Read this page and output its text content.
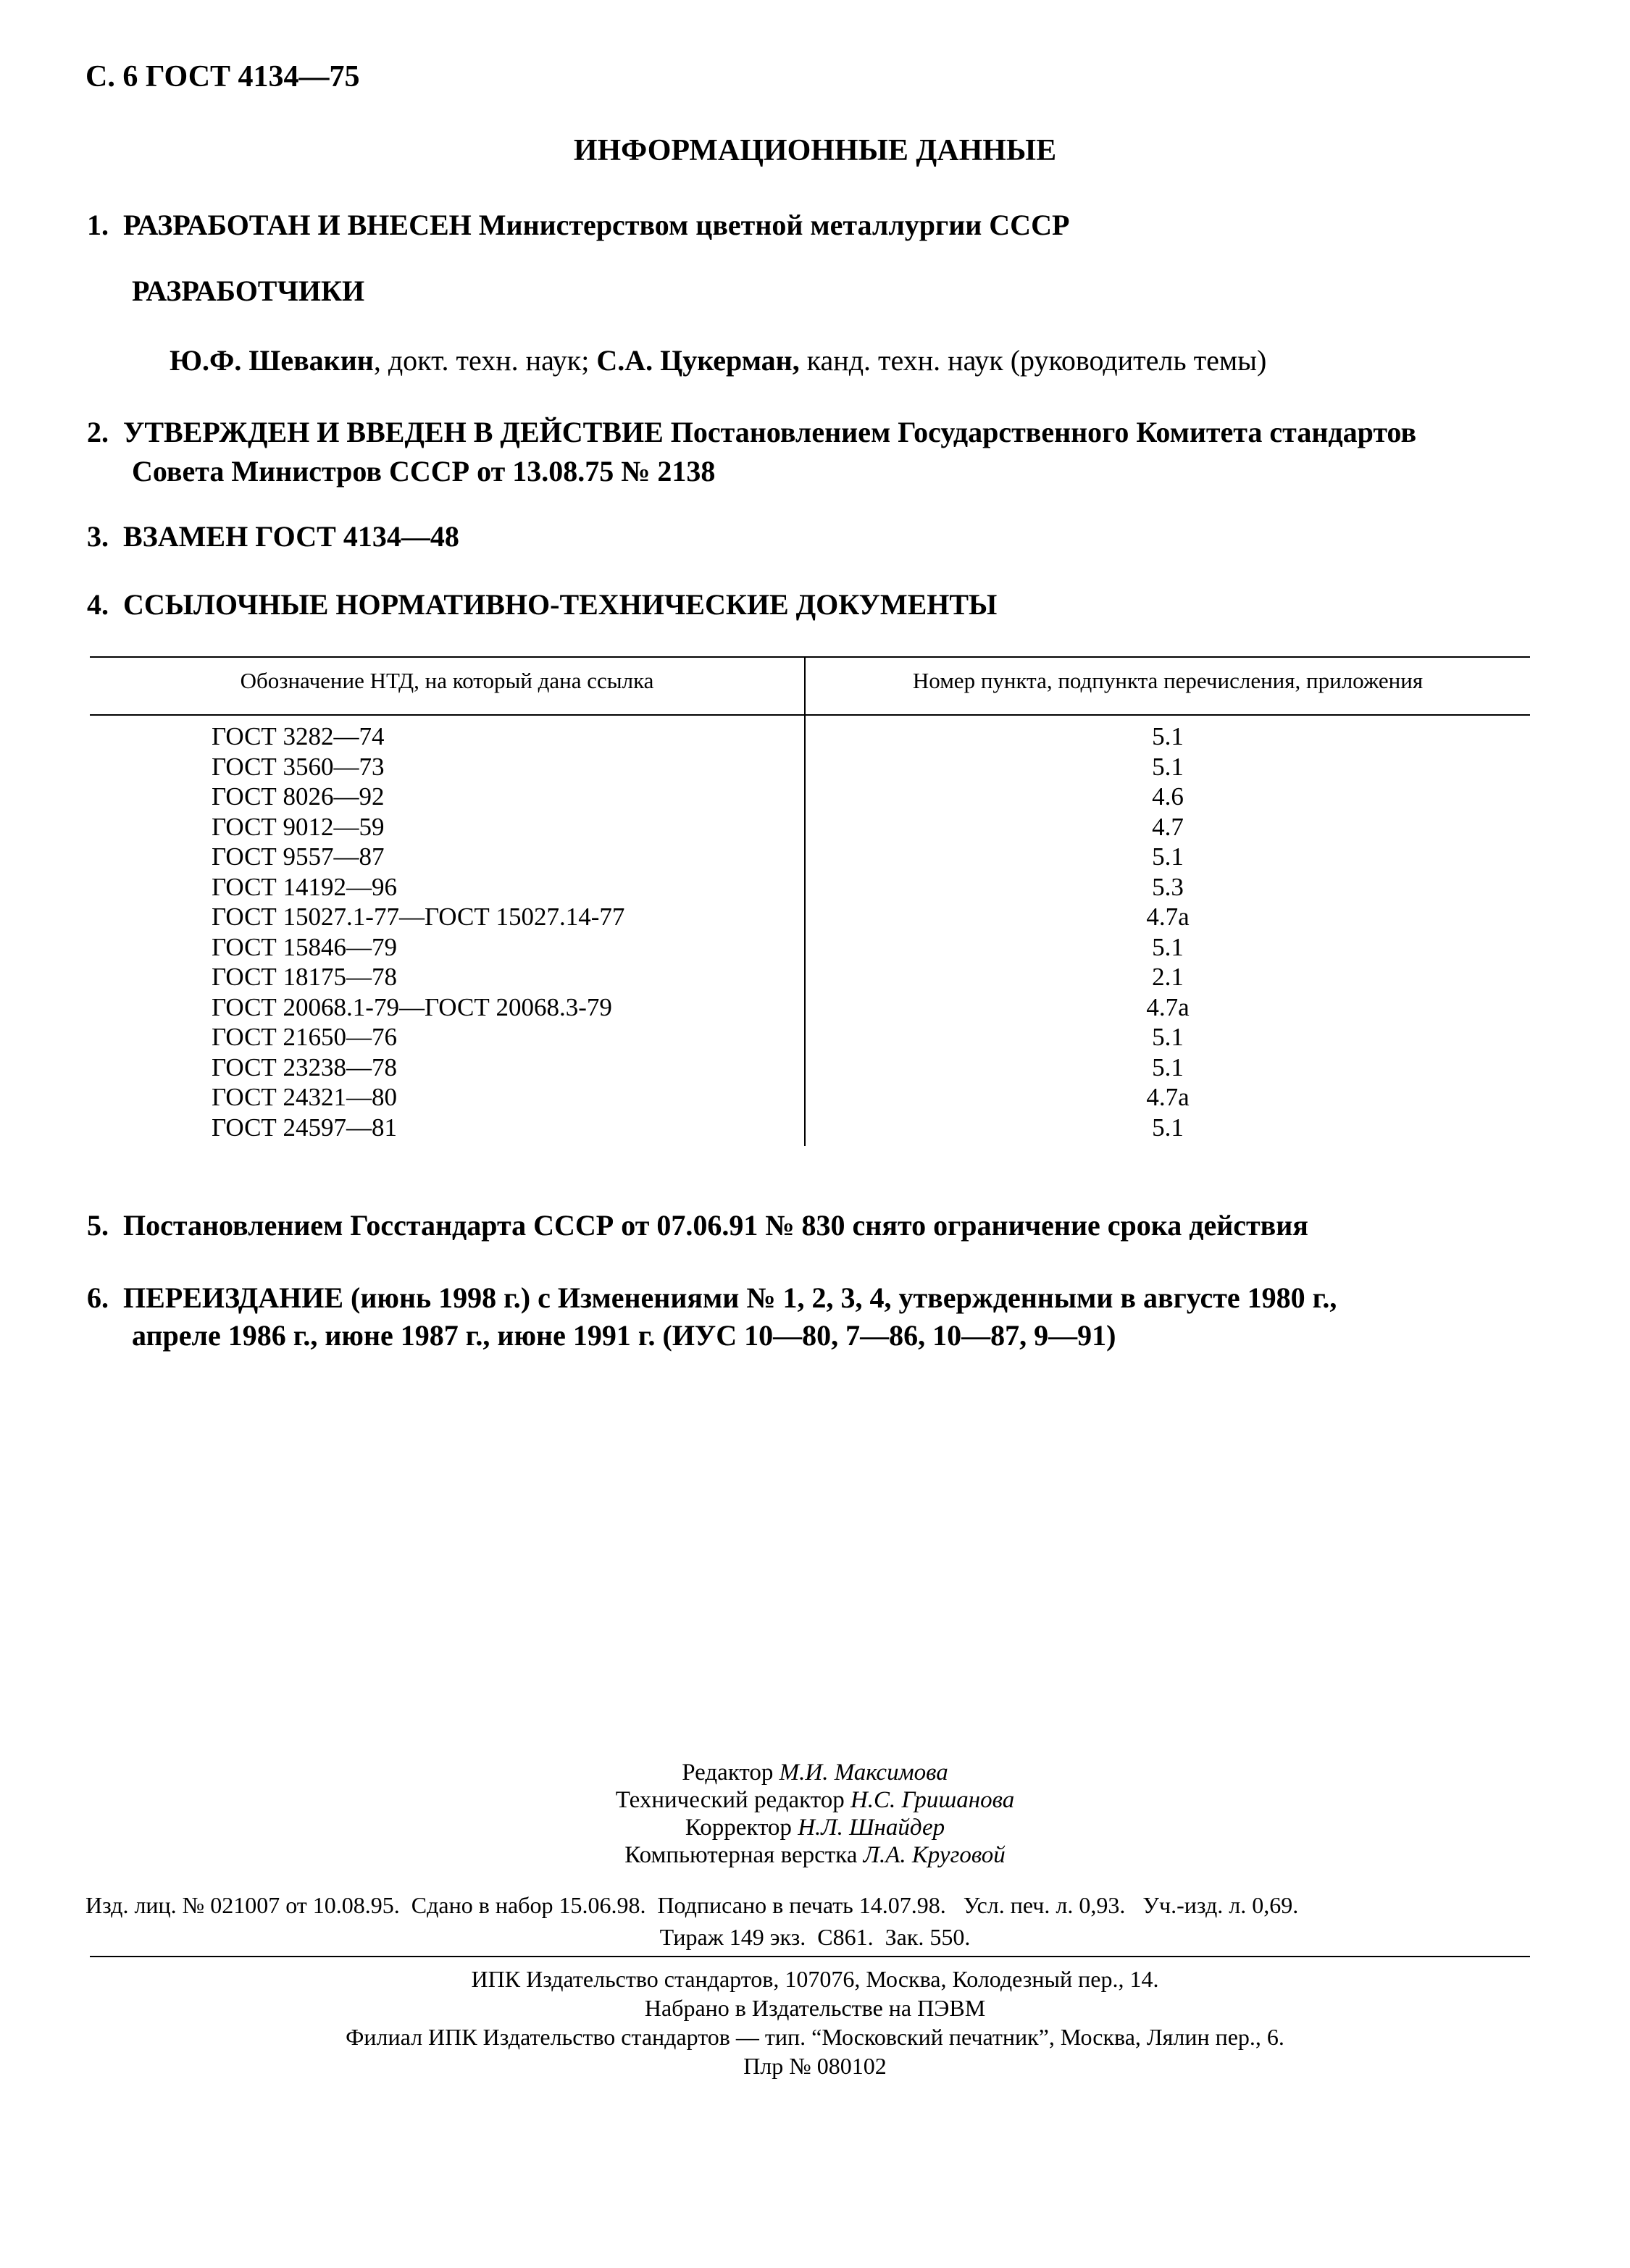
С. 6 ГОСТ 4134—75
ИНФОРМАЦИОННЫЕ ДАННЫЕ
1. РАЗРАБОТАН И ВНЕСЕН Министерством цветной металлургии СССР
РАЗРАБОТЧИКИ
Ю.Ф. Шевакин, докт. техн. наук; С.А. Цукерман, канд. техн. наук (руководитель темы)
2. УТВЕРЖДЕН И ВВЕДЕН В ДЕЙСТВИЕ Постановлением Государственного Комитета стандартов
Совета Министров СССР от 13.08.75 № 2138
3. ВЗАМЕН ГОСТ 4134—48
4. ССЫЛОЧНЫЕ НОРМАТИВНО-ТЕХНИЧЕСКИЕ ДОКУМЕНТЫ
Обозначение НТД, на который дана ссылка	Номер пункта, подпункта перечисления, приложения
ГОСТ 3282—74
ГОСТ 3560—73
ГОСТ 8026—92
ГОСТ 9012—59
ГОСТ 9557—87
ГОСТ 14192—96
ГОСТ 15027.1-77—ГОСТ 15027.14-77
ГОСТ 15846—79
ГОСТ 18175—78
ГОСТ 20068.1-79—ГОСТ 20068.3-79
ГОСТ 21650—76
ГОСТ 23238—78
ГОСТ 24321—80
ГОСТ 24597—81
5.1
5.1
4.6
4.7
5.1
5.3
4.7а
5.1
2.1
4.7а
5.1
5.1
4.7а
5.1
5. Постановлением Госстандарта СССР от 07.06.91 № 830 снято ограничение срока действия
6. ПЕРЕИЗДАНИЕ (июнь 1998 г.) с Изменениями № 1, 2, 3, 4, утвержденными в августе 1980 г.,
апреле 1986 г., июне 1987 г., июне 1991 г. (ИУС 10—80, 7—86, 10—87, 9—91)
Редактор М.И. Максимова
Технический редактор Н.С. Гришанова
Корректор Н.Л. Шнайдер
Компьютерная верстка Л.А. Круговой
Изд. лиц. № 021007 от 10.08.95.  Сдано в набор 15.06.98.  Подписано в печать 14.07.98.   Усл. печ. л. 0,93.   Уч.-изд. л. 0,69.
Тираж 149 экз.  С861.  Зак. 550.
ИПК Издательство стандартов, 107076, Москва, Колодезный пер., 14.
Набрано в Издательстве на ПЭВМ
Филиал ИПК Издательство стандартов — тип. “Московский печатник”, Москва, Лялин пер., 6.
Плр № 080102
